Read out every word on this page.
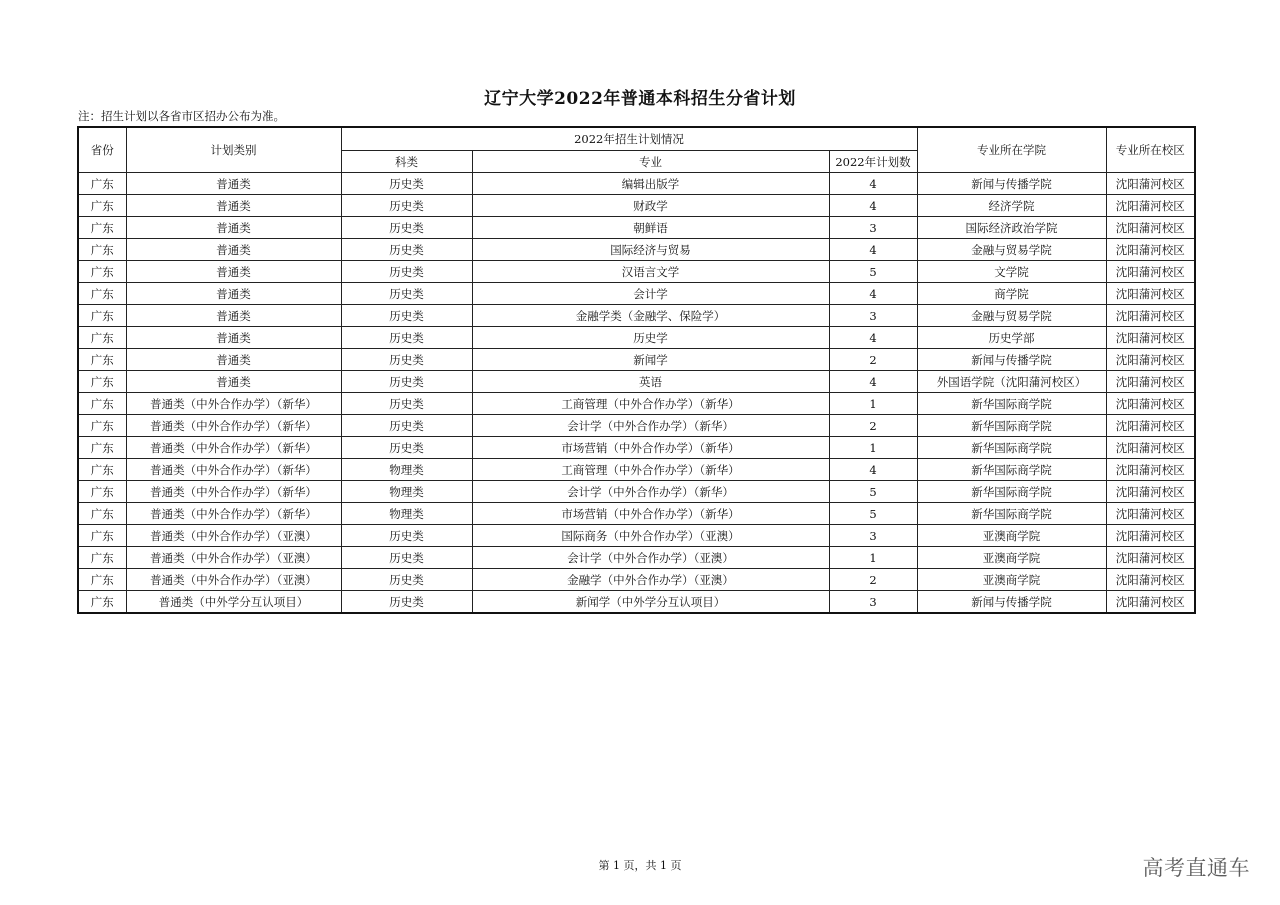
辽宁大学2022年普通本科招生分省计划
注：招生计划以各省市区招办公布为准。
省份	计划类别	2022年招生计划情况			专业所在学院	专业所在校区
		科类	专业	2022年计划数		
广东	普通类	历史类	编辑出版学	4	新闻与传播学院	沈阳蒲河校区
广东	普通类	历史类	财政学	4	经济学院	沈阳蒲河校区
广东	普通类	历史类	朝鲜语	3	国际经济政治学院	沈阳蒲河校区
广东	普通类	历史类	国际经济与贸易	4	金融与贸易学院	沈阳蒲河校区
广东	普通类	历史类	汉语言文学	5	文学院	沈阳蒲河校区
广东	普通类	历史类	会计学	4	商学院	沈阳蒲河校区
广东	普通类	历史类	金融学类（金融学、保险学）	3	金融与贸易学院	沈阳蒲河校区
广东	普通类	历史类	历史学	4	历史学部	沈阳蒲河校区
广东	普通类	历史类	新闻学	2	新闻与传播学院	沈阳蒲河校区
广东	普通类	历史类	英语	4	外国语学院（沈阳蒲河校区）	沈阳蒲河校区
广东	普通类（中外合作办学）（新华）	历史类	工商管理（中外合作办学）（新华）	1	新华国际商学院	沈阳蒲河校区
广东	普通类（中外合作办学）（新华）	历史类	会计学（中外合作办学）（新华）	2	新华国际商学院	沈阳蒲河校区
广东	普通类（中外合作办学）（新华）	历史类	市场营销（中外合作办学）（新华）	1	新华国际商学院	沈阳蒲河校区
广东	普通类（中外合作办学）（新华）	物理类	工商管理（中外合作办学）（新华）	4	新华国际商学院	沈阳蒲河校区
广东	普通类（中外合作办学）（新华）	物理类	会计学（中外合作办学）（新华）	5	新华国际商学院	沈阳蒲河校区
广东	普通类（中外合作办学）（新华）	物理类	市场营销（中外合作办学）（新华）	5	新华国际商学院	沈阳蒲河校区
广东	普通类（中外合作办学）（亚澳）	历史类	国际商务（中外合作办学）（亚澳）	3	亚澳商学院	沈阳蒲河校区
广东	普通类（中外合作办学）（亚澳）	历史类	会计学（中外合作办学）（亚澳）	1	亚澳商学院	沈阳蒲河校区
广东	普通类（中外合作办学）（亚澳）	历史类	金融学（中外合作办学）（亚澳）	2	亚澳商学院	沈阳蒲河校区
广东	普通类（中外学分互认项目）	历史类	新闻学（中外学分互认项目）	3	新闻与传播学院	沈阳蒲河校区
第 1 页，共 1 页	高考直通车
